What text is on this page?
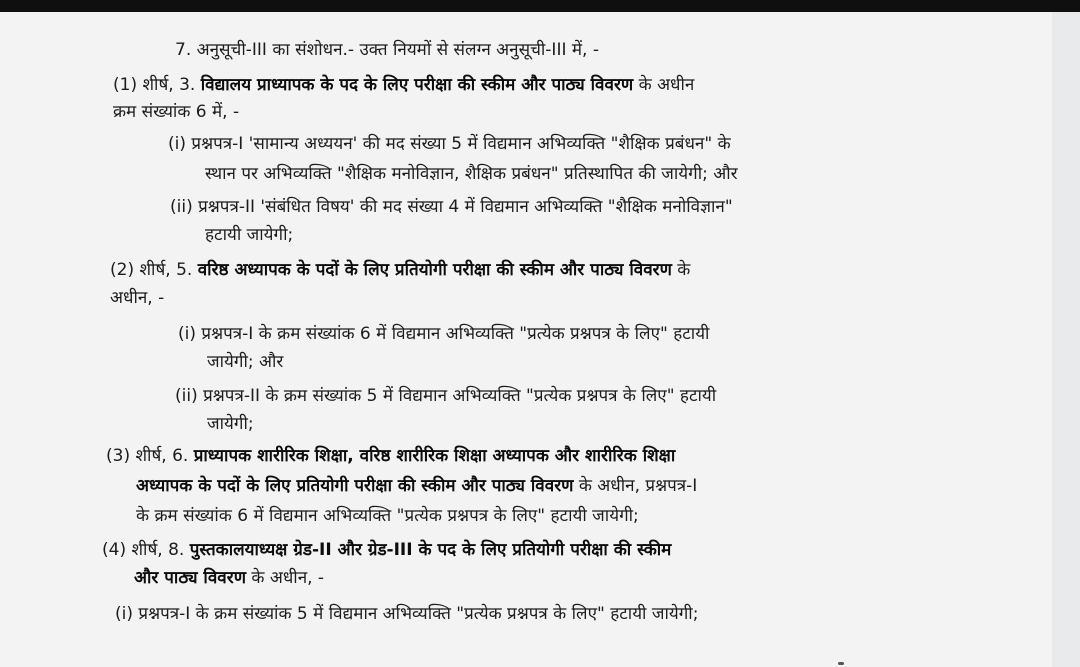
7. अनुसूची-III का संशोधन.- उक्त नियमों से संलग्न अनुसूची-III में, -
(1) शीर्ष, 3. विद्यालय प्राध्यापक के पद के लिए परीक्षा की स्कीम और पाठ्य विवरण के अधीन
क्रम संख्यांक 6 में, -
(i) प्रश्नपत्र-I 'सामान्य अध्ययन' की मद संख्या 5 में विद्यमान अभिव्यक्ति "शैक्षिक प्रबंधन" के
स्थान पर अभिव्यक्ति "शैक्षिक मनोविज्ञान, शैक्षिक प्रबंधन" प्रतिस्थापित की जायेगी; और
(ii) प्रश्नपत्र-II 'संबंधित विषय' की मद संख्या 4 में विद्यमान अभिव्यक्ति "शैक्षिक मनोविज्ञान"
हटायी जायेगी;
(2) शीर्ष, 5. वरिष्ठ अध्यापक के पदों के लिए प्रतियोगी परीक्षा की स्कीम और पाठ्य विवरण के
अधीन, -
(i) प्रश्नपत्र-I के क्रम संख्यांक 6 में विद्यमान अभिव्यक्ति "प्रत्येक प्रश्नपत्र के लिए" हटायी
जायेगी; और
(ii) प्रश्नपत्र-II के क्रम संख्यांक 5 में विद्यमान अभिव्यक्ति "प्रत्येक प्रश्नपत्र के लिए" हटायी
जायेगी;
(3) शीर्ष, 6. प्राध्यापक शारीरिक शिक्षा, वरिष्ठ शारीरिक शिक्षा अध्यापक और शारीरिक शिक्षा
अध्यापक के पदों के लिए प्रतियोगी परीक्षा की स्कीम और पाठ्य विवरण के अधीन, प्रश्नपत्र-I
के क्रम संख्यांक 6 में विद्यमान अभिव्यक्ति "प्रत्येक प्रश्नपत्र के लिए" हटायी जायेगी;
(4) शीर्ष, 8. पुस्तकालयाध्यक्ष ग्रेड-II और ग्रेड-III के पद के लिए प्रतियोगी परीक्षा की स्कीम
और पाठ्य विवरण के अधीन, -
(i) प्रश्नपत्र-I के क्रम संख्यांक 5 में विद्यमान अभिव्यक्ति "प्रत्येक प्रश्नपत्र के लिए" हटायी जायेगी;
